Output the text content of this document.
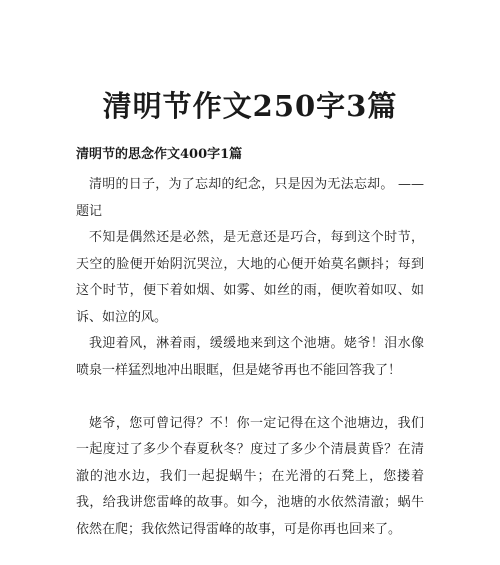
清明节作文250字3篇
清明节的思念作文400字1篇

清明的日子，为了忘却的纪念，只是因为无法忘却。 ——题记

不知是偶然还是必然，是无意还是巧合，每到这个时节，天空的脸便开始阴沉哭泣，大地的心便开始莫名颤抖；每到这个时节，便下着如烟、如雾、如丝的雨，便吹着如叹、如诉、如泣的风。

我迎着风，淋着雨，缓缓地来到这个池塘。姥爷！泪水像喷泉一样猛烈地冲出眼眶，但是姥爷再也不能回答我了！

姥爷，您可曾记得？不！你一定记得在这个池塘边，我们一起度过了多少个春夏秋冬？度过了多少个清晨黄昏？在清澈的池水边，我们一起捉蜗牛；在光滑的石凳上，您搂着我，给我讲您雷峰的故事。如今，池塘的水依然清澈；蜗牛依然在爬；我依然记得雷峰的故事，可是你再也回来了。
